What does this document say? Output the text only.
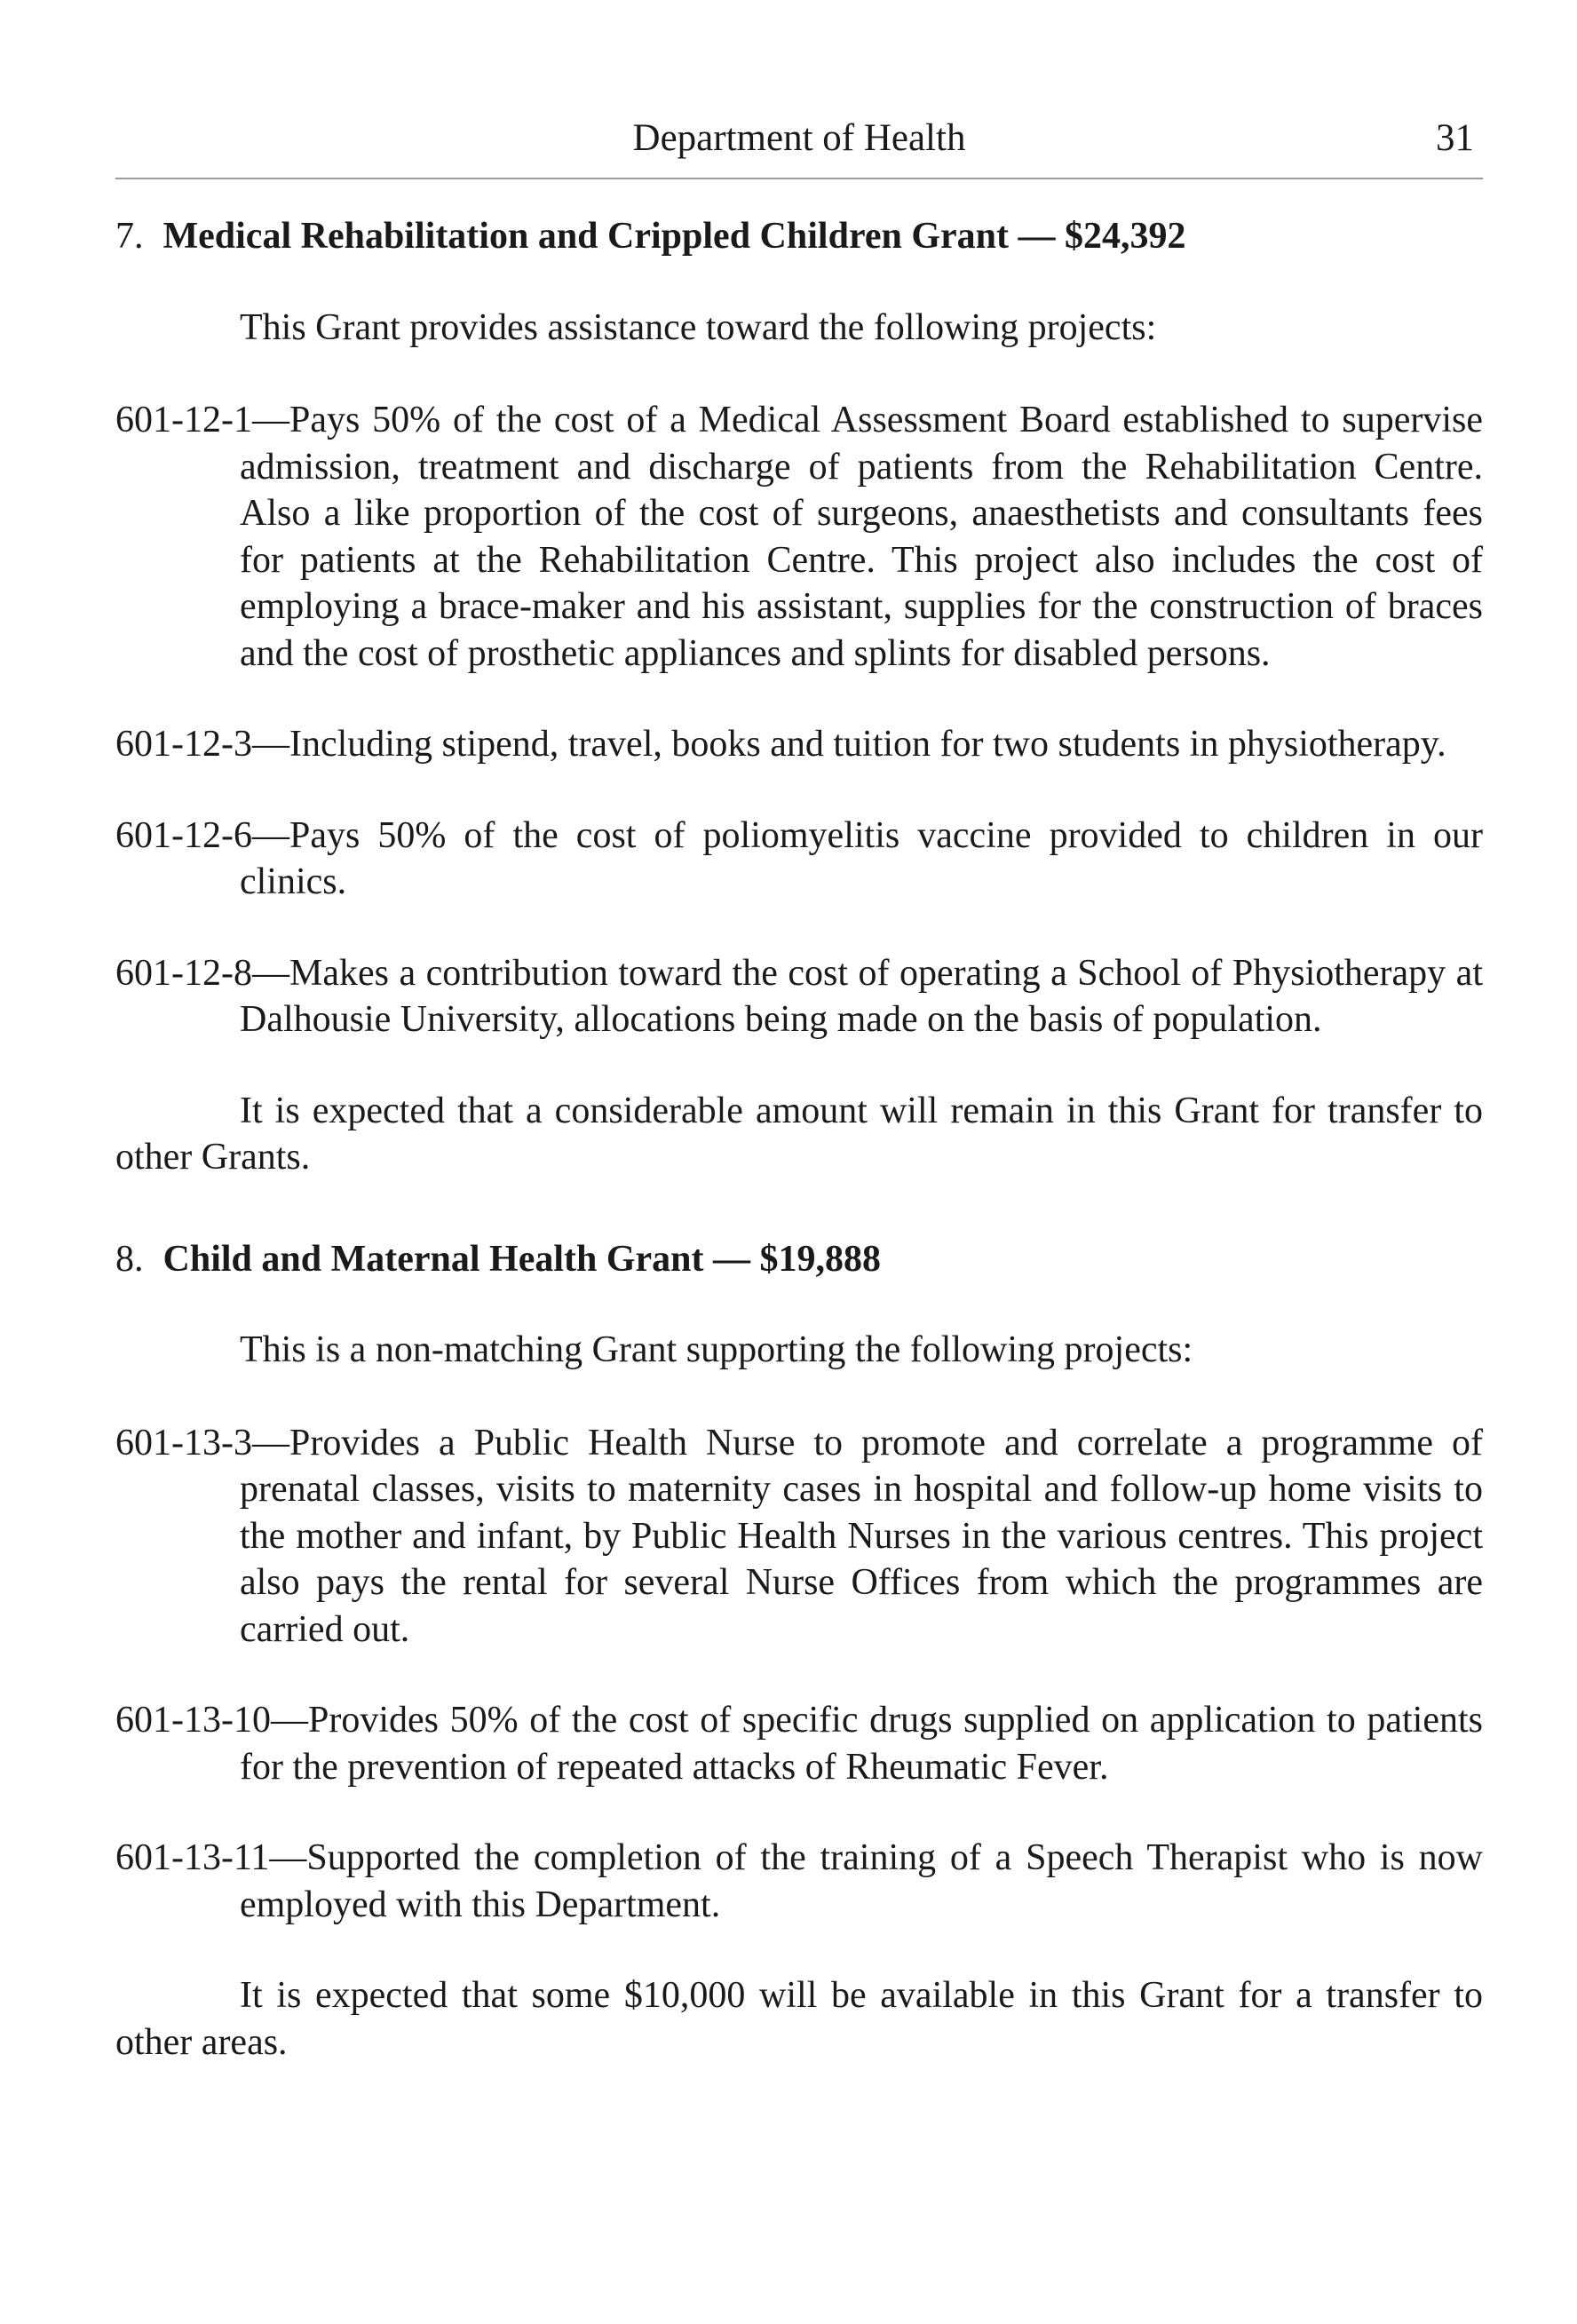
Department of Health	31

7. Medical Rehabilitation and Crippled Children Grant — $24,392

This Grant provides assistance toward the following projects:

601-12-1—Pays 50% of the cost of a Medical Assessment Board established to supervise admission, treatment and discharge of patients from the Rehabilitation Centre. Also a like proportion of the cost of surgeons, anaesthetists and consultants fees for patients at the Rehabilitation Centre. This project also includes the cost of employing a brace-maker and his assistant, supplies for the construction of braces and the cost of prosthetic appliances and splints for disabled persons.

601-12-3—Including stipend, travel, books and tuition for two students in physiotherapy.

601-12-6—Pays 50% of the cost of poliomyelitis vaccine provided to children in our clinics.

601-12-8—Makes a contribution toward the cost of operating a School of Physiotherapy at Dalhousie University, allocations being made on the basis of population.

It is expected that a considerable amount will remain in this Grant for transfer to other Grants.

8. Child and Maternal Health Grant — $19,888

This is a non-matching Grant supporting the following projects:

601-13-3—Provides a Public Health Nurse to promote and correlate a programme of prenatal classes, visits to maternity cases in hospital and follow-up home visits to the mother and infant, by Public Health Nurses in the various centres. This project also pays the rental for several Nurse Offices from which the programmes are carried out.

601-13-10—Provides 50% of the cost of specific drugs supplied on application to patients for the prevention of repeated attacks of Rheumatic Fever.

601-13-11—Supported the completion of the training of a Speech Therapist who is now employed with this Department.

It is expected that some $10,000 will be available in this Grant for a transfer to other areas.
